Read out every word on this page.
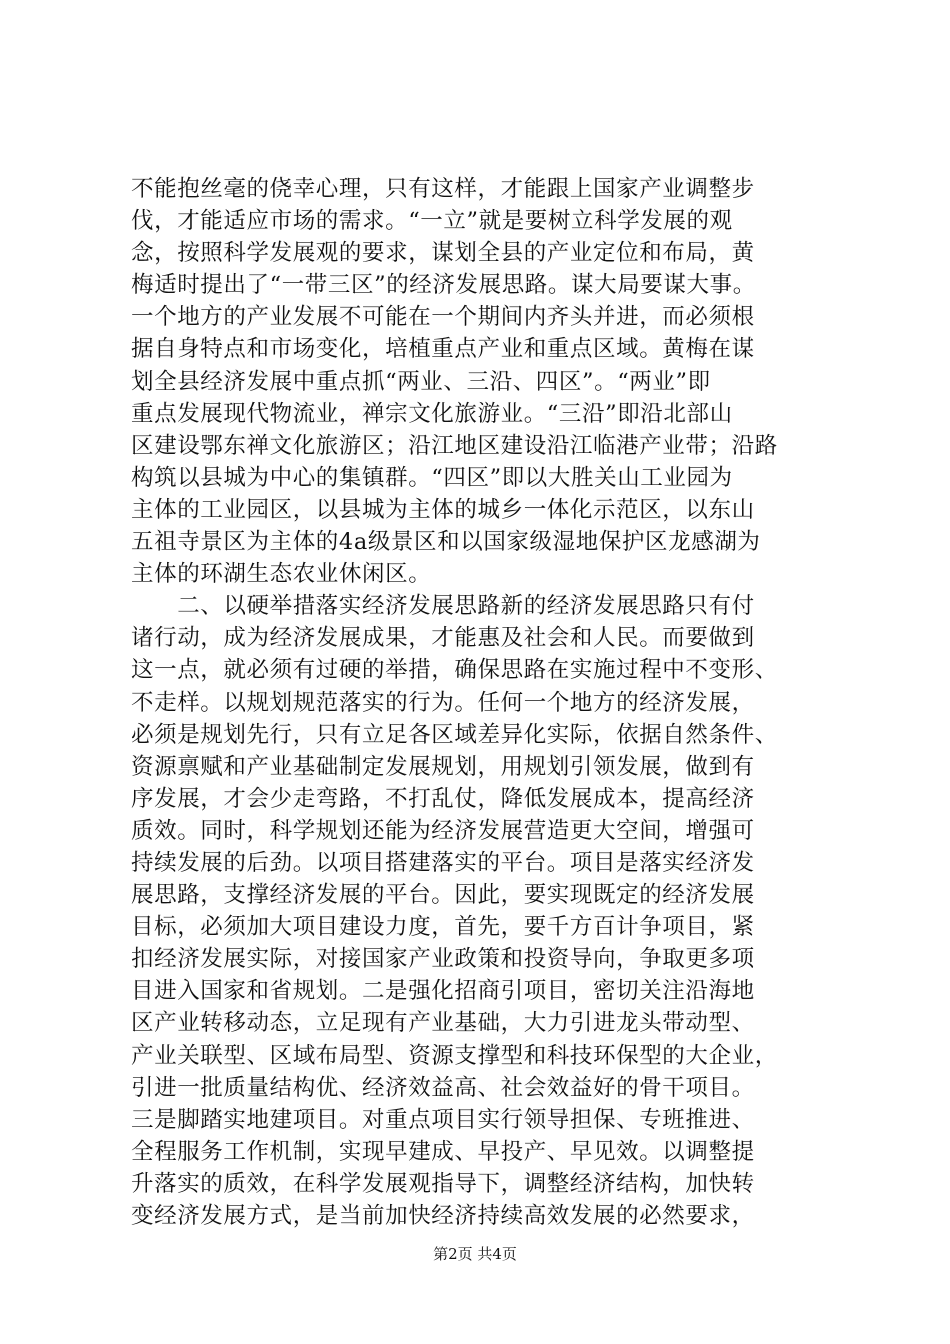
不能抱丝毫的侥幸心理，只有这样，才能跟上国家产业调整步
伐，才能适应市场的需求。“一立”就是要树立科学发展的观
念，按照科学发展观的要求，谋划全县的产业定位和布局，黄
梅适时提出了“一带三区”的经济发展思路。谋大局要谋大事。
一个地方的产业发展不可能在一个期间内齐头并进，而必须根
据自身特点和市场变化，培植重点产业和重点区域。黄梅在谋
划全县经济发展中重点抓“两业、三沿、四区”。“两业”即
重点发展现代物流业，禅宗文化旅游业。“三沿”即沿北部山
区建设鄂东禅文化旅游区；沿江地区建设沿江临港产业带；沿路
构筑以县城为中心的集镇群。“四区”即以大胜关山工业园为
主体的工业园区，以县城为主体的城乡一体化示范区，以东山
五祖寺景区为主体的4a级景区和以国家级湿地保护区龙感湖为
主体的环湖生态农业休闲区。
　　二、以硬举措落实经济发展思路新的经济发展思路只有付
诸行动，成为经济发展成果，才能惠及社会和人民。而要做到
这一点，就必须有过硬的举措，确保思路在实施过程中不变形、
不走样。以规划规范落实的行为。任何一个地方的经济发展，
必须是规划先行，只有立足各区域差异化实际，依据自然条件、
资源禀赋和产业基础制定发展规划，用规划引领发展，做到有
序发展，才会少走弯路，不打乱仗，降低发展成本，提高经济
质效。同时，科学规划还能为经济发展营造更大空间，增强可
持续发展的后劲。以项目搭建落实的平台。项目是落实经济发
展思路，支撑经济发展的平台。因此，要实现既定的经济发展
目标，必须加大项目建设力度，首先，要千方百计争项目，紧
扣经济发展实际，对接国家产业政策和投资导向，争取更多项
目进入国家和省规划。二是强化招商引项目，密切关注沿海地
区产业转移动态，立足现有产业基础，大力引进龙头带动型、
产业关联型、区域布局型、资源支撑型和科技环保型的大企业，
引进一批质量结构优、经济效益高、社会效益好的骨干项目。
三是脚踏实地建项目。对重点项目实行领导担保、专班推进、
全程服务工作机制，实现早建成、早投产、早见效。以调整提
升落实的质效，在科学发展观指导下，调整经济结构，加快转
变经济发展方式，是当前加快经济持续高效发展的必然要求，
第2页 共4页
